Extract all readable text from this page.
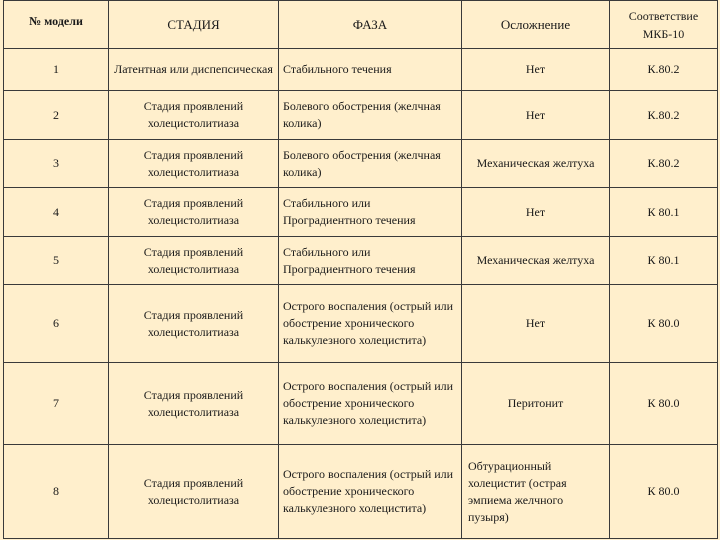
№ модели	СТАДИЯ	ФАЗА	Осложнение	Соответствие МКБ-10
1	Латентная или диспепсическая	Стабильного течения	Нет	К.80.2
2	Стадия проявлений холецистолитиаза	Болевого обострения (желчная колика)	Нет	К.80.2
3	Стадия проявлений холецистолитиаза	Болевого обострения (желчная колика)	Механическая желтуха	К.80.2
4	Стадия проявлений холецистолитиаза	Стабильного или Проградиентного течения	Нет	К 80.1
5	Стадия проявлений холецистолитиаза	Стабильного или Проградиентного течения	Механическая желтуха	К 80.1
6	Стадия проявлений холецистолитиаза	Острого воспаления (острый или обострение хронического калькулезного холецистита)	Нет	К 80.0
7	Стадия проявлений холецистолитиаза	Острого воспаления (острый или обострение хронического калькулезного холецистита)	Перитонит	К 80.0
8	Стадия проявлений холецистолитиаза	Острого воспаления (острый или обострение хронического калькулезного холецистита)	Обтурационный холецистит (острая эмпиема желчного пузыря)	К 80.0
